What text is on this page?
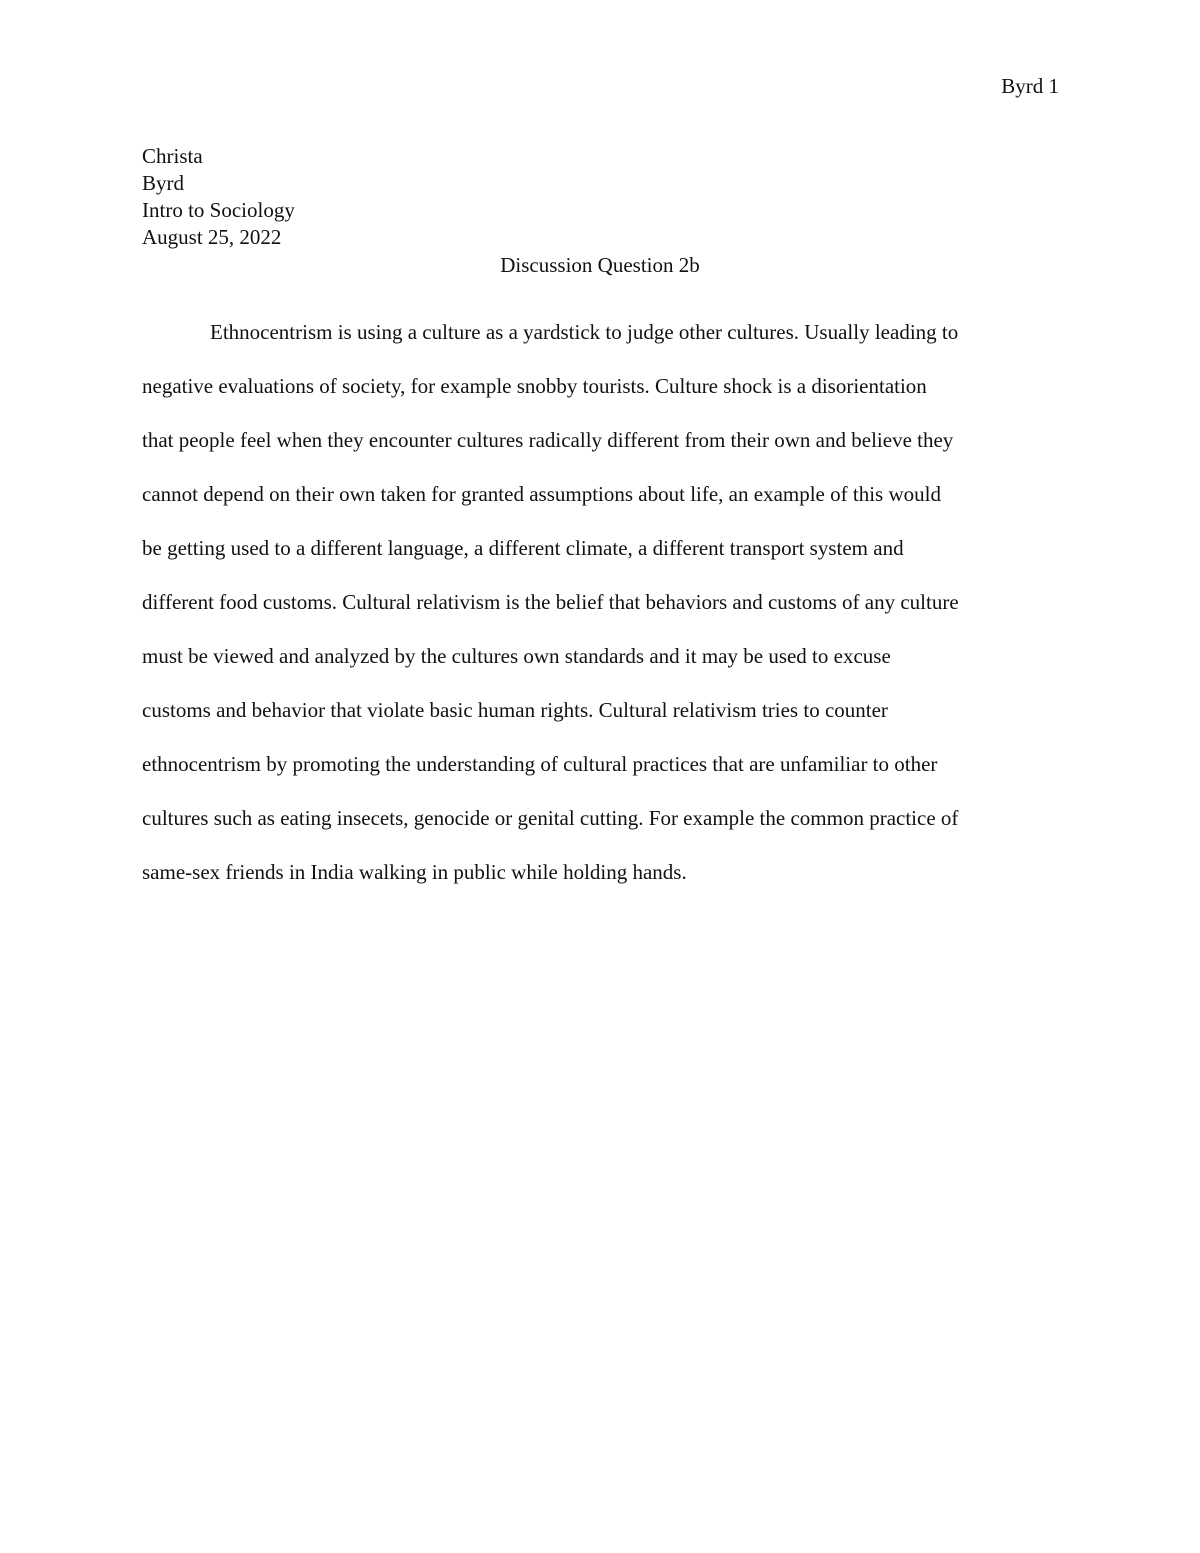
Byrd 1
Christa
Byrd
Intro to Sociology
August 25, 2022
Discussion Question 2b
Ethnocentrism is using a culture as a yardstick to judge other cultures. Usually leading to
negative evaluations of society, for example snobby tourists. Culture shock is a disorientation
that people feel when they encounter cultures radically different from their own and believe they
cannot depend on their own taken for granted assumptions about life, an example of this would
be getting used to a different language, a different climate, a different transport system and
different food customs. Cultural relativism is the belief that behaviors and customs of any culture
must be viewed and analyzed by the cultures own standards and it may be used to excuse
customs and behavior that violate basic human rights. Cultural relativism tries to counter
ethnocentrism by promoting the understanding of cultural practices that are unfamiliar to other
cultures such as eating insecets, genocide or genital cutting. For example the common practice of
same-sex friends in India walking in public while holding hands.
